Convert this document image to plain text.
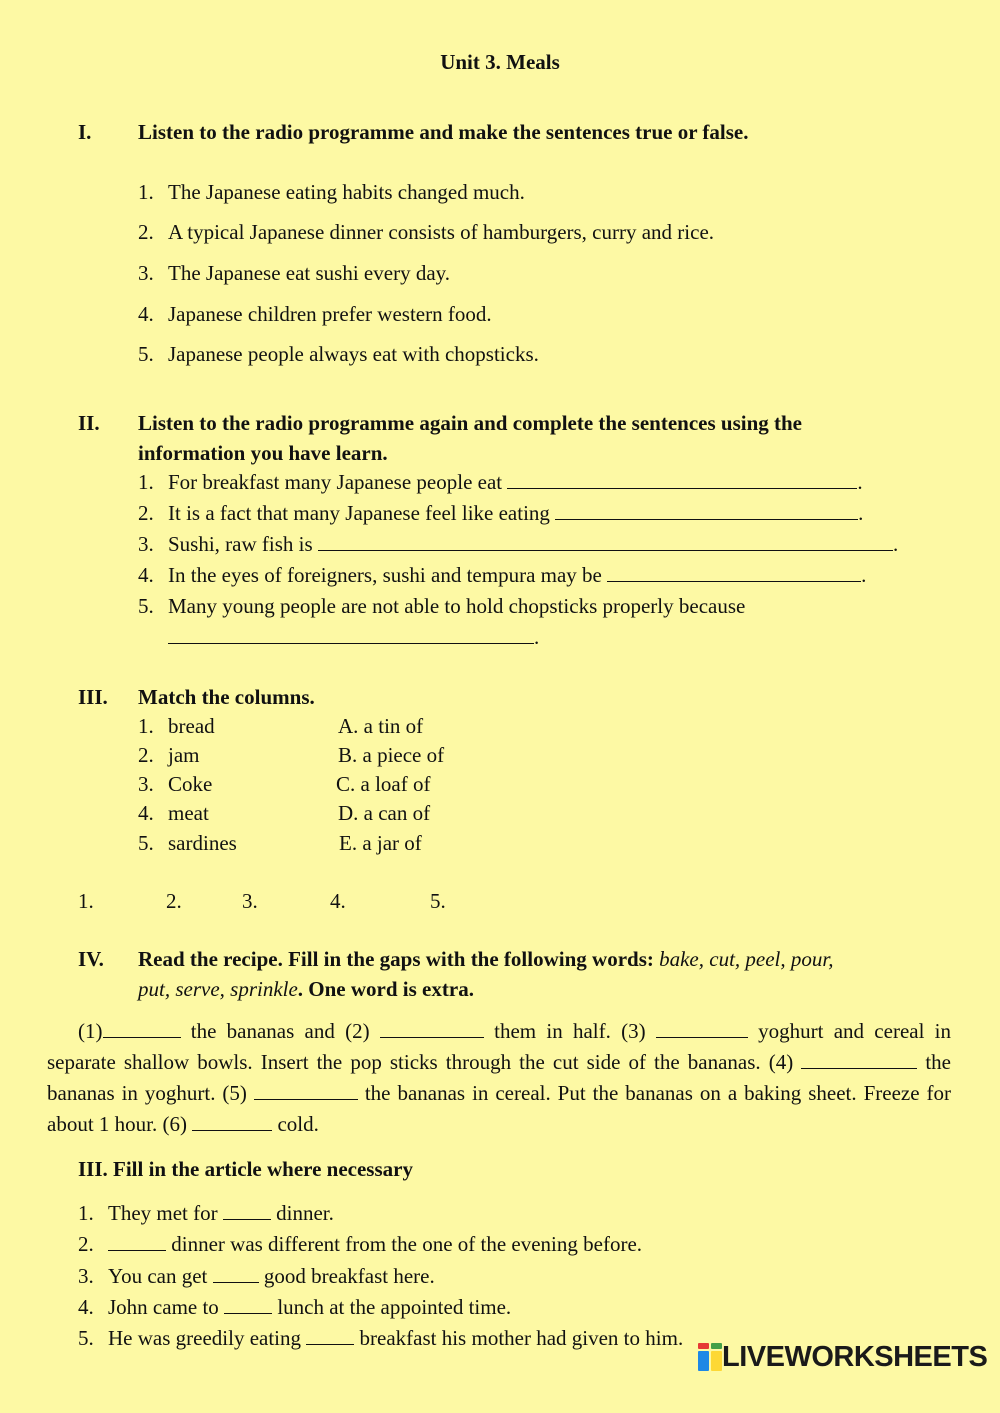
Unit 3. Meals
I. Listen to the radio programme and make the sentences true or false.
1. The Japanese eating habits changed much.
2. A typical Japanese dinner consists of hamburgers, curry and rice.
3. The Japanese eat sushi every day.
4. Japanese children prefer western food.
5. Japanese people always eat with chopsticks.
II. Listen to the radio programme again and complete the sentences using the
information you have learn.
1. For breakfast many Japanese people eat	.
2. It is a fact that many Japanese feel like eating	.
3. Sushi, raw fish is	.
4. In the eyes of foreigners, sushi and tempura may be	.
5. Many young people are not able to hold chopsticks properly because
.
III. Match the columns.
1. bread	A. a tin of
2. jam	B. a piece of
3. Coke	C. a loaf of
4. meat	D. a can of
5. sardines	E. a jar of
1.	2.	3.	4.	5.
IV. Read the recipe. Fill in the gaps with the following words: bake, cut, peel, pour,
put, serve, sprinkle. One word is extra.
(1)	the bananas and (2)	them in half. (3)	yoghurt and cereal in separate shallow bowls. Insert the pop sticks through the cut side of the bananas. (4)	the bananas in yoghurt. (5)	the bananas in cereal. Put the bananas on a baking sheet. Freeze for about 1 hour. (6)	cold.
III. Fill in the article where necessary
1. They met for  dinner.
2.	dinner was different from the one of the evening before.
3. You can get  good breakfast here.
4. John came to  lunch at the appointed time.
5. He was greedily eating  breakfast his mother had given to him.
LIVEWORKSHEETS
